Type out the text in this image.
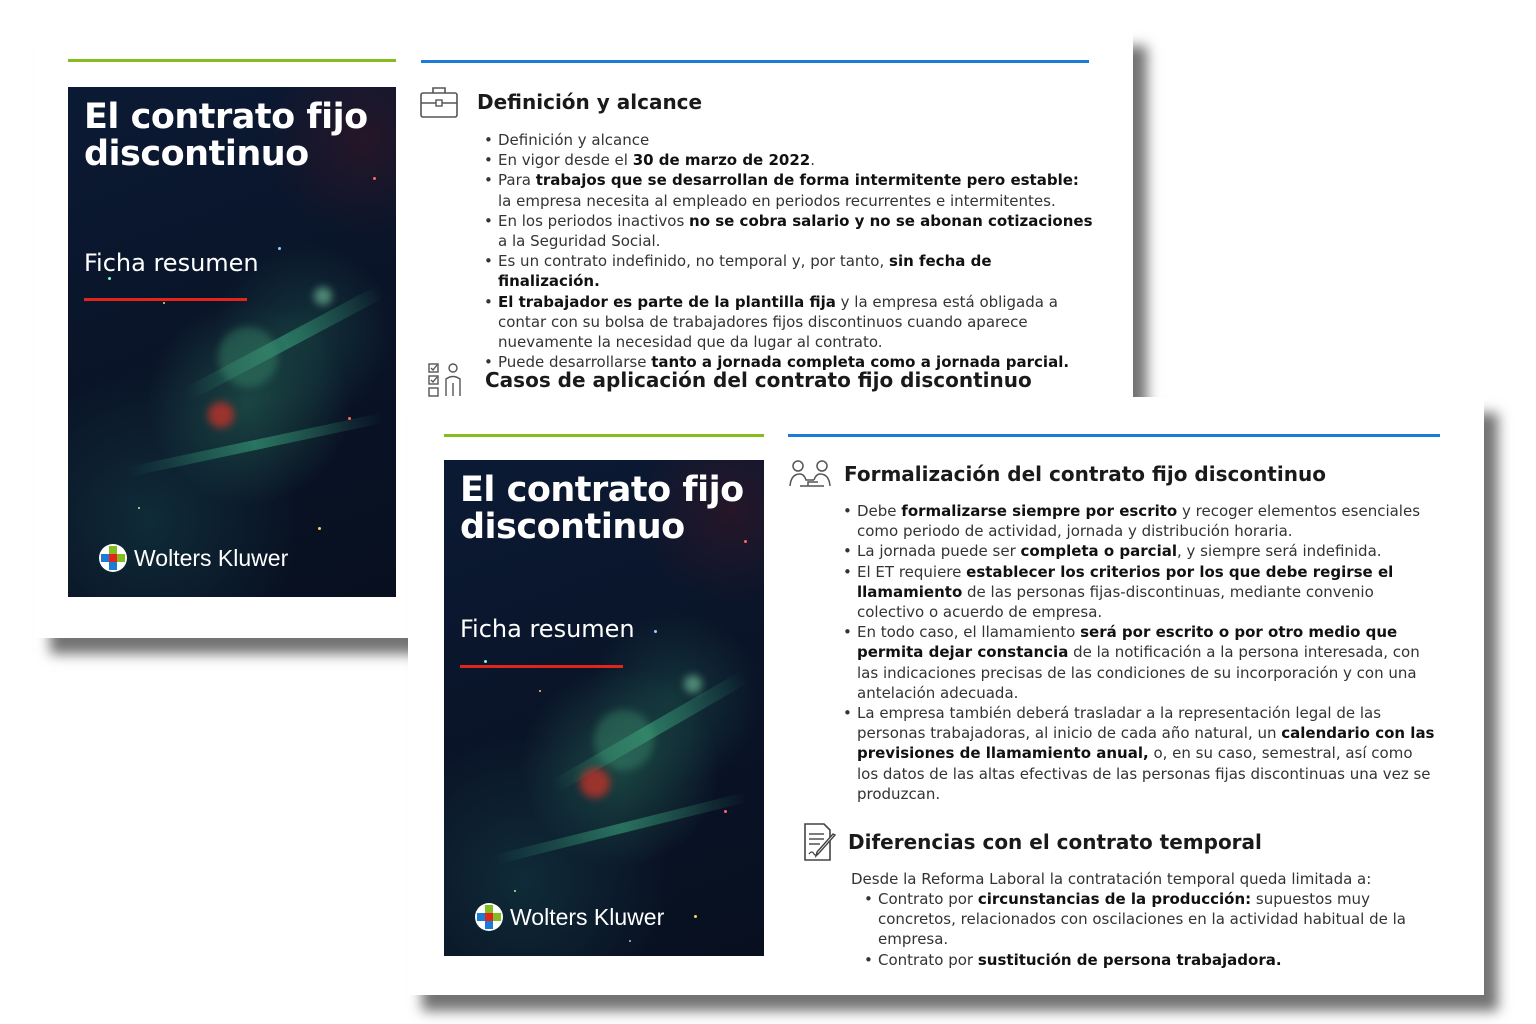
El contrato fijo discontinuo
Ficha resumen
Wolters Kluwer
Definición y alcance
• Definición y alcance
• En vigor desde el 30 de marzo de 2022.
• Para trabajos que se desarrollan de forma intermitente pero estable: la empresa necesita al empleado en periodos recurrentes e intermitentes.
• En los periodos inactivos no se cobra salario y no se abonan cotizaciones a la Seguridad Social.
• Es un contrato indefinido, no temporal y, por tanto, sin fecha de finalización.
• El trabajador es parte de la plantilla fija y la empresa está obligada a contar con su bolsa de trabajadores fijos discontinuos cuando aparece nuevamente la necesidad que da lugar al contrato.
• Puede desarrollarse tanto a jornada completa como a jornada parcial.
Casos de aplicación del contrato fijo discontinuo
El contrato fijo discontinuo
Ficha resumen
Wolters Kluwer
Formalización del contrato fijo discontinuo
• Debe formalizarse siempre por escrito y recoger elementos esenciales como periodo de actividad, jornada y distribución horaria.
• La jornada puede ser completa o parcial, y siempre será indefinida.
• El ET requiere establecer los criterios por los que debe regirse el llamamiento de las personas fijas-discontinuas, mediante convenio colectivo o acuerdo de empresa.
• En todo caso, el llamamiento será por escrito o por otro medio que permita dejar constancia de la notificación a la persona interesada, con las indicaciones precisas de las condiciones de su incorporación y con una antelación adecuada.
• La empresa también deberá trasladar a la representación legal de las personas trabajadoras, al inicio de cada año natural, un calendario con las previsiones de llamamiento anual, o, en su caso, semestral, así como los datos de las altas efectivas de las personas fijas discontinuas una vez se produzcan.
Diferencias con el contrato temporal
Desde la Reforma Laboral la contratación temporal queda limitada a:
• Contrato por circunstancias de la producción: supuestos muy concretos, relacionados con oscilaciones en la actividad habitual de la empresa.
• Contrato por sustitución de persona trabajadora.
